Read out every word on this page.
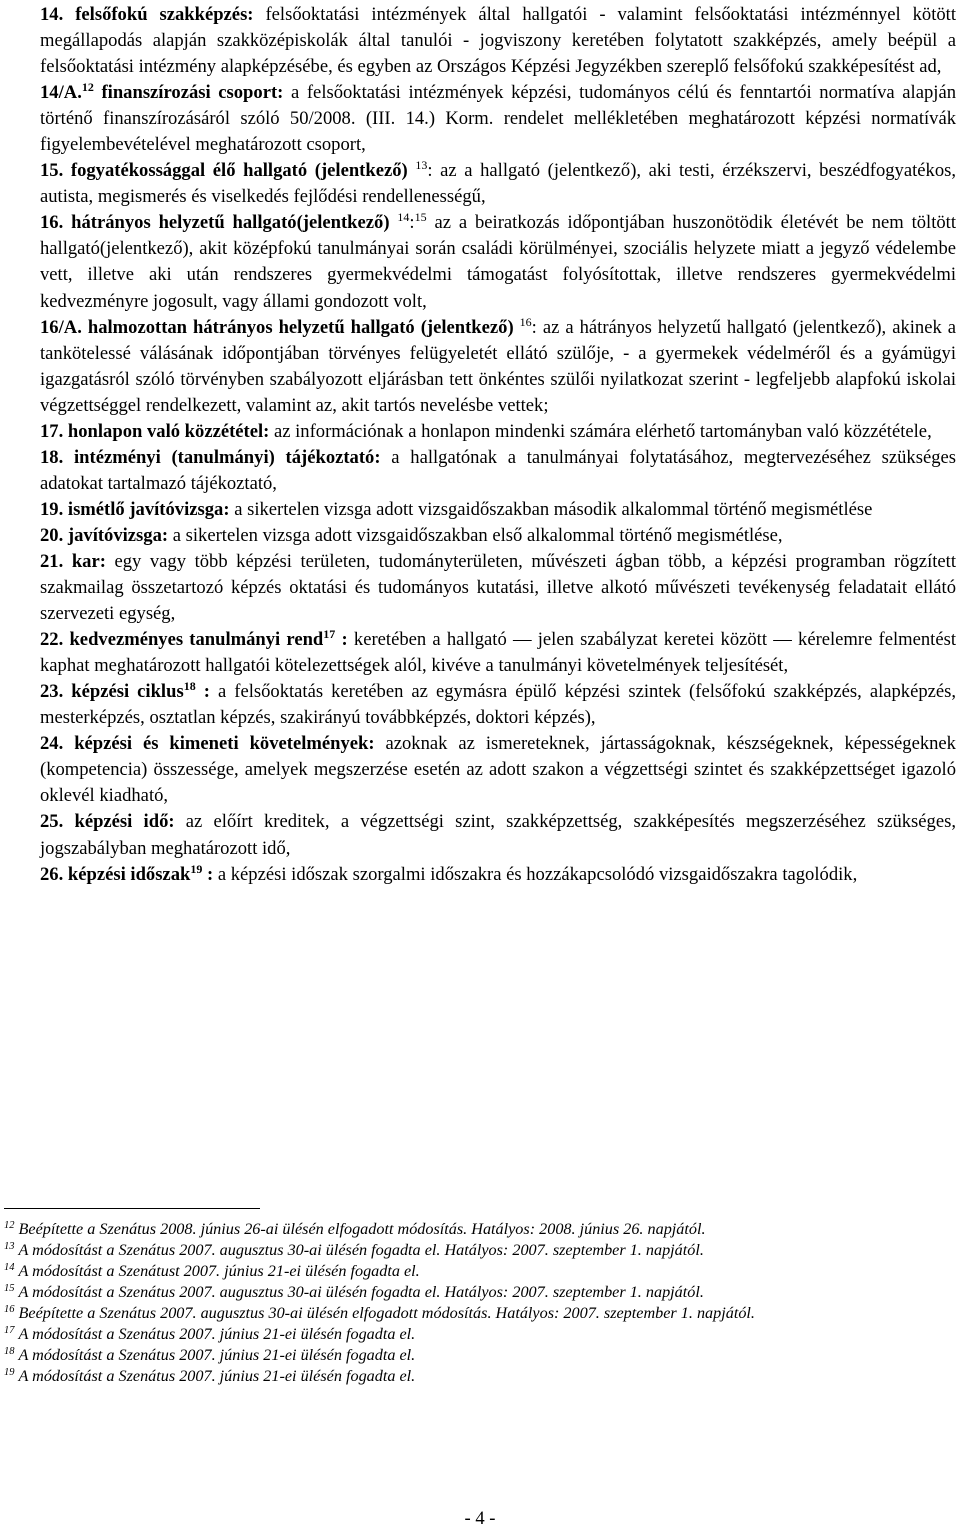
14. felsőfokú szakképzés: felsőoktatási intézmények által hallgatói - valamint felsőoktatási intézménnyel kötött megállapodás alapján szakközépiskolák által tanulói - jogviszony keretében folytatott szakképzés, amely beépül a felsőoktatási intézmény alapképzésébe, és egyben az Országos Képzési Jegyzékben szereplő felsőfokú szakképesítést ad,

14/A.$^{12}$ finanszírozási csoport: a felsőoktatási intézmények képzési, tudományos célú és fenntartói normatíva alapján történő finanszírozásáról szóló 50/2008. (III. 14.) Korm. rendelet mellékletében meghatározott képzési normatívák figyelembevételével meghatározott csoport,

15. fogyatékossággal élő hallgató (jelentkező) $^{13}$: az a hallgató (jelentkező), aki testi, érzékszervi, beszédfogyatékos, autista, megismerés és viselkedés fejlődési rendellenességű,

16. hátrányos helyzetű hallgató(jelentkező) $^{14}$:$^{15}$ az a beiratkozás időpontjában huszonötödik életévét be nem töltött hallgató(jelentkező), akit középfokú tanulmányai során családi körülményei, szociális helyzete miatt a jegyző védelembe vett, illetve aki után rendszeres gyermekvédelmi támogatást folyósítottak, illetve rendszeres gyermekvédelmi kedvezményre jogosult, vagy állami gondozott volt,

16/A. halmozottan hátrányos helyzetű hallgató (jelentkező) $^{16}$: az a hátrányos helyzetű hallgató (jelentkező), akinek a tankötelessé válásának időpontjában törvényes felügyeletét ellátó szülője, - a gyermekek védelméről és a gyámügyi igazgatásról szóló törvényben szabályozott eljárásban tett önkéntes szülői nyilatkozat szerint - legfeljebb alapfokú iskolai végzettséggel rendelkezett, valamint az, akit tartós nevelésbe vettek;

17. honlapon való közzététel: az információnak a honlapon mindenki számára elérhető tartományban való közzététele,

18. intézményi (tanulmányi) tájékoztató: a hallgatónak a tanulmányai folytatásához, megtervezéséhez szükséges adatokat tartalmazó tájékoztató,

19. ismétlő javítóvizsga: a sikertelen vizsga adott vizsgaidőszakban második alkalommal történő megismétlése

20. javítóvizsga: a sikertelen vizsga adott vizsgaidőszakban első alkalommal történő megismétlése,

21. kar: egy vagy több képzési területen, tudományterületen, művészeti ágban több, a képzési programban rögzített szakmailag összetartozó képzés oktatási és tudományos kutatási, illetve alkotó művészeti tevékenység feladatait ellátó szervezeti egység,

22. kedvezményes tanulmányi rend$^{17}$ : keretében a hallgató ― jelen szabályzat keretei között ― kérelemre felmentést kaphat meghatározott hallgatói kötelezettségek alól, kivéve a tanulmányi követelmények teljesítését,

23. képzési ciklus$^{18}$ : a felsőoktatás keretében az egymásra épülő képzési szintek (felsőfokú szakképzés, alapképzés, mesterképzés, osztatlan képzés, szakirányú továbbképzés, doktori képzés),

24. képzési és kimeneti követelmények: azoknak az ismereteknek, jártasságoknak, készségeknek, képességeknek (kompetencia) összessége, amelyek megszerzése esetén az adott szakon a végzettségi szintet és szakképzettséget igazoló oklevél kiadható,

25. képzési idő: az előírt kreditek, a végzettségi szint, szakképzettség, szakképesítés megszerzéséhez szükséges, jogszabályban meghatározott idő,

26. képzési időszak$^{19}$ : a képzési időszak szorgalmi időszakra és hozzákapcsolódó vizsgaidőszakra tagolódik,

$^{12}$ Beépítette a Szenátus 2008. június 26-ai ülésén elfogadott módosítás. Hatályos: 2008. június 26. napjától.

$^{13}$ A módosítást a Szenátus 2007. augusztus 30-ai ülésén fogadta el. Hatályos: 2007. szeptember 1. napjától.

$^{14}$ A módosítást a Szenátust 2007. június 21-ei ülésén fogadta el.

$^{15}$ A módosítást a Szenátus 2007. augusztus 30-ai ülésén fogadta el. Hatályos: 2007. szeptember 1. napjától.

$^{16}$ Beépítette a Szenátus 2007. augusztus 30-ai ülésén elfogadott módosítás. Hatályos: 2007. szeptember 1. napjától.

$^{17}$ A módosítást a Szenátus 2007. június 21-ei ülésén fogadta el.

$^{18}$ A módosítást a Szenátus 2007. június 21-ei ülésén fogadta el.

$^{19}$ A módosítást a Szenátus 2007. június 21-ei ülésén fogadta el.

- 4 -
